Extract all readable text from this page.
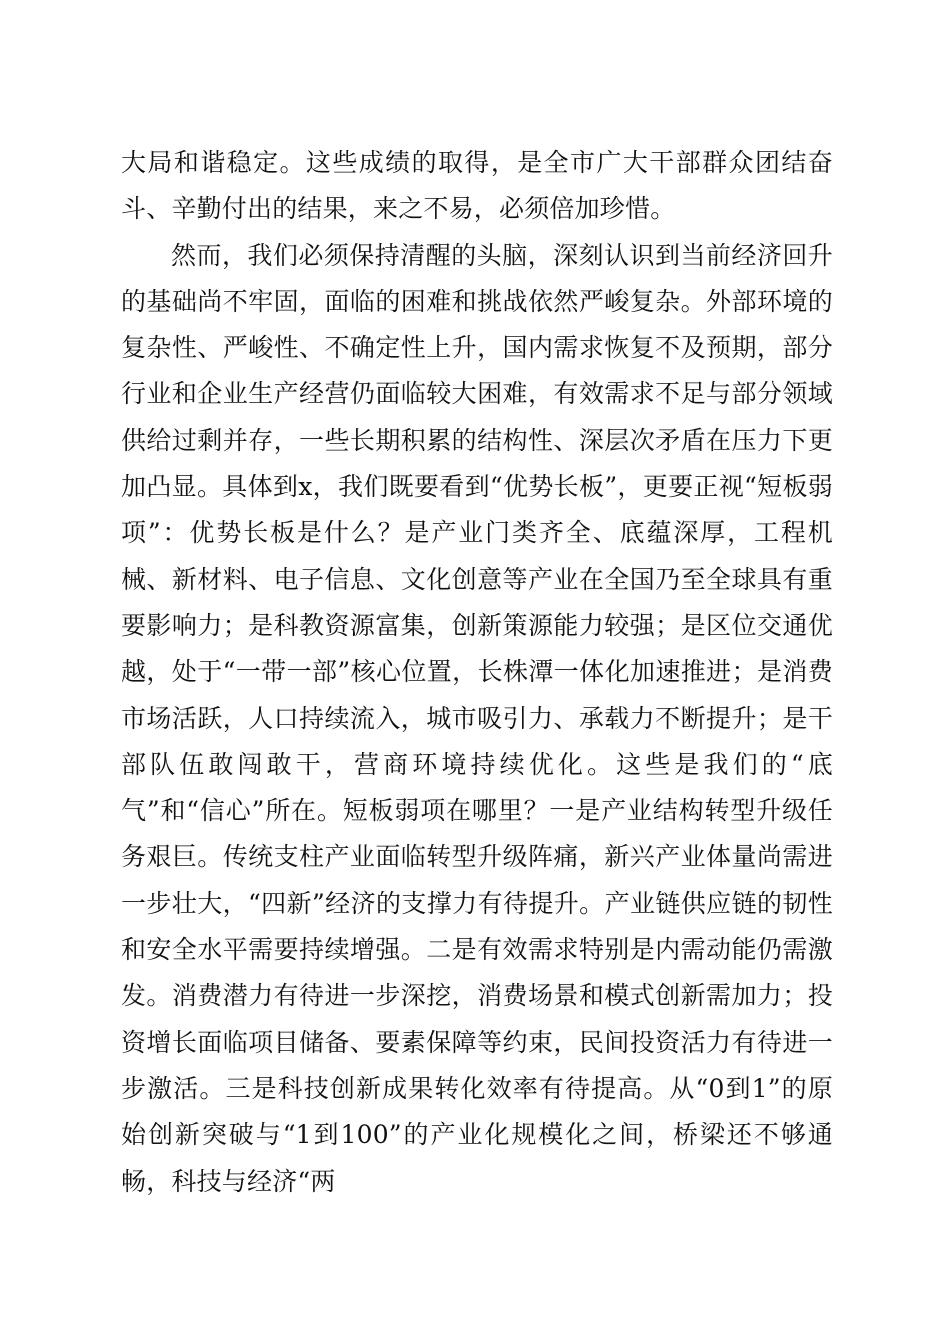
大局和谐稳定。这些成绩的取得，是全市广大干部群众团结奋斗、辛勤付出的结果，来之不易，必须倍加珍惜。

然而，我们必须保持清醒的头脑，深刻认识到当前经济回升的基础尚不牢固，面临的困难和挑战依然严峻复杂。外部环境的复杂性、严峻性、不确定性上升，国内需求恢复不及预期，部分行业和企业生产经营仍面临较大困难，有效需求不足与部分领域供给过剩并存，一些长期积累的结构性、深层次矛盾在压力下更加凸显。具体到x，我们既要看到“优势长板”，更要正视“短板弱项”：优势长板是什么？是产业门类齐全、底蕴深厚，工程机械、新材料、电子信息、文化创意等产业在全国乃至全球具有重要影响力；是科教资源富集，创新策源能力较强；是区位交通优越，处于“一带一部”核心位置，长株潭一体化加速推进；是消费市场活跃，人口持续流入，城市吸引力、承载力不断提升；是干部队伍敢闯敢干，营商环境持续优化。这些是我们的“底气”和“信心”所在。短板弱项在哪里？一是产业结构转型升级任务艰巨。传统支柱产业面临转型升级阵痛，新兴产业体量尚需进一步壮大，“四新”经济的支撑力有待提升。产业链供应链的韧性和安全水平需要持续增强。二是有效需求特别是内需动能仍需激发。消费潜力有待进一步深挖，消费场景和模式创新需加力；投资增长面临项目储备、要素保障等约束，民间投资活力有待进一步激活。三是科技创新成果转化效率有待提高。从“0到1”的原始创新突破与“1到100”的产业化规模化之间，桥梁还不够通畅，科技与经济“两
